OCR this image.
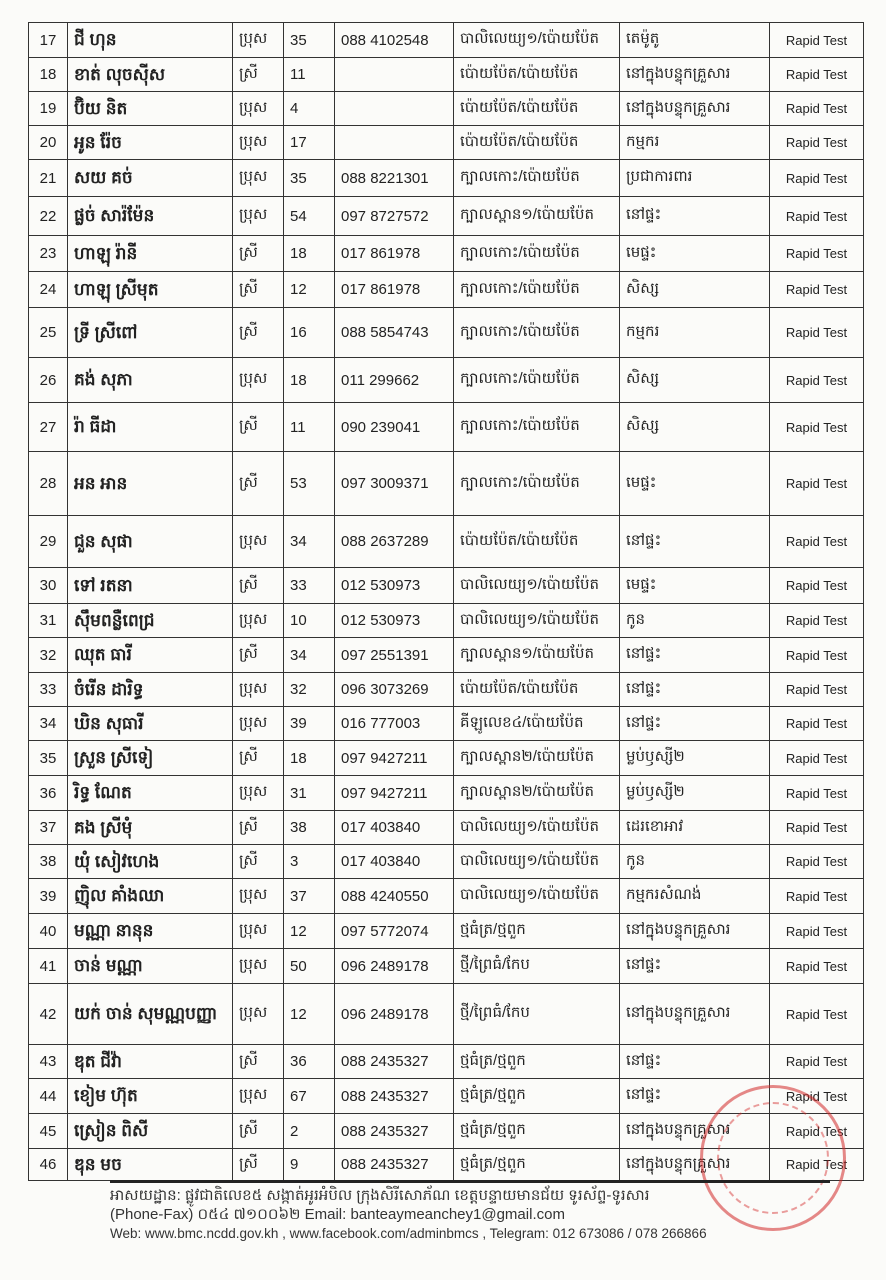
17	ជី ហុន	ប្រុស	35	088 4102548	បាលិលេយ្យ១/ប៉ោយប៉ែត	តេម៉ូតូ	Rapid Test
18	ខាត់ លុចស៊ីស	ស្រី	11		ប៉ោយប៉ែត/ប៉ោយប៉ែត	នៅក្នុងបន្ទុកគ្រួសារ	Rapid Test
19	ប៊ិយ និត	ប្រុស	4		ប៉ោយប៉ែត/ប៉ោយប៉ែត	នៅក្នុងបន្ទុកគ្រួសារ	Rapid Test
20	អូន រ៉ែច	ប្រុស	17		ប៉ោយប៉ែត/ប៉ោយប៉ែត	កម្មករ	Rapid Test
21	សយ គច់	ប្រុស	35	088 8221301	ក្បាលកោះ/ប៉ោយប៉ែត	ប្រជាការពារ	Rapid Test
22	ផ្លច់ សារ៉ម៉ែន	ប្រុស	54	097 8727572	ក្បាលស្ពាន១/ប៉ោយប៉ែត	នៅផ្ទះ	Rapid Test
23	ហាឡុ រ៉ានី	ស្រី	18	017 861978	ក្បាលកោះ/ប៉ោយប៉ែត	មេផ្ទះ	Rapid Test
24	ហាឡុ ស្រីមុត	ស្រី	12	017 861978	ក្បាលកោះ/ប៉ោយប៉ែត	សិស្ស	Rapid Test
25	ទ្រី ស្រីពៅ	ស្រី	16	088 5854743	ក្បាលកោះ/ប៉ោយប៉ែត	កម្មករ	Rapid Test
26	គង់ សុភា	ប្រុស	18	011 299662	ក្បាលកោះ/ប៉ោយប៉ែត	សិស្ស	Rapid Test
27	រ៉ា ធីដា	ស្រី	11	090 239041	ក្បាលកោះ/ប៉ោយប៉ែត	សិស្ស	Rapid Test
28	អន អាន	ស្រី	53	097 3009371	ក្បាលកោះ/ប៉ោយប៉ែត	មេផ្ទះ	Rapid Test
29	ជួន សុផា	ប្រុស	34	088 2637289	ប៉ោយប៉ែត/ប៉ោយប៉ែត	នៅផ្ទះ	Rapid Test
30	ទៅ រតនា	ស្រី	33	012 530973	បាលិលេយ្យ១/ប៉ោយប៉ែត	មេផ្ទះ	Rapid Test
31	ស៊ឹមពន្លឺពេជ្រ	ប្រុស	10	012 530973	បាលិលេយ្យ១/ប៉ោយប៉ែត	កូន	Rapid Test
32	ឈុត ធារី	ស្រី	34	097 2551391	ក្បាលស្ពាន១/ប៉ោយប៉ែត	នៅផ្ទះ	Rapid Test
33	ចំរើន ដារិទ្ធ	ប្រុស	32	096 3073269	ប៉ោយប៉ែត/ប៉ោយប៉ែត	នៅផ្ទះ	Rapid Test
34	ឃិន សុធារី	ប្រុស	39	016 777003	គីឡូលេខ៤/ប៉ោយប៉ែត	នៅផ្ទះ	Rapid Test
35	ស្រួន ស្រីទៀ	ស្រី	18	097 9427211	ក្បាលស្ពាន២/ប៉ោយប៉ែត	ម្លប់ឫស្សី២	Rapid Test
36	រិទ្ធ ណែត	ប្រុស	31	097 9427211	ក្បាលស្ពាន២/ប៉ោយប៉ែត	ម្លប់ឫស្សី២	Rapid Test
37	គង ស្រីមុំ	ស្រី	38	017 403840	បាលិលេយ្យ១/ប៉ោយប៉ែត	ដេរខោអាវ	Rapid Test
38	យុំ សៀវហេង	ស្រី	3	017 403840	បាលិលេយ្យ១/ប៉ោយប៉ែត	កូន	Rapid Test
39	ញ៉ិល គាំងឈា	ប្រុស	37	088 4240550	បាលិលេយ្យ១/ប៉ោយប៉ែត	កម្មករសំណង់	Rapid Test
40	មណ្ណា នានុន	ប្រុស	12	097 5772074	ថ្មធំត្រ/ថ្មពួក	នៅក្នុងបន្ទុកគ្រួសារ	Rapid Test
41	ចាន់ មណ្ណា	ប្រុស	50	096 2489178	ថ្មី/ព្រៃធំ/កែប	នៅផ្ទះ	Rapid Test
42	យក់ ចាន់ សុមណ្ណបញ្ញា	ប្រុស	12	096 2489178	ថ្មី/ព្រៃធំ/កែប	នៅក្នុងបន្ទុកគ្រួសារ	Rapid Test
43	ឌុត ជីវ៉ា	ស្រី	36	088 2435327	ថ្មធំត្រ/ថ្មពួក	នៅផ្ទះ	Rapid Test
44	ខៀម ហ៊ុត	ប្រុស	67	088 2435327	ថ្មធំត្រ/ថ្មពួក	នៅផ្ទះ	Rapid Test
45	ស្រៀន ពិសី	ស្រី	2	088 2435327	ថ្មធំត្រ/ថ្មពួក	នៅក្នុងបន្ទុកគ្រួសារ	Rapid Test
46	ឌុន មច	ស្រី	9	088 2435327	ថ្មធំត្រ/ថ្មពួក	នៅក្នុងបន្ទុកគ្រួសារ	Rapid Test
អាសយដ្ឋាន: ផ្លូវជាតិលេខ៥ សង្កាត់អូរអំបិល ក្រុងសិរីសោភ័ណ ខេត្តបន្ទាយមានជ័យ ទូរស័ព្ទ-ទូរសារ
(Phone-Fax) ០៥៤ ៧១០០៦២ Email: banteaymeanchey1@gmail.com
Web: www.bmc.ncdd.gov.kh , www.facebook.com/adminbmcs , Telegram: 012 673086 / 078 266866
